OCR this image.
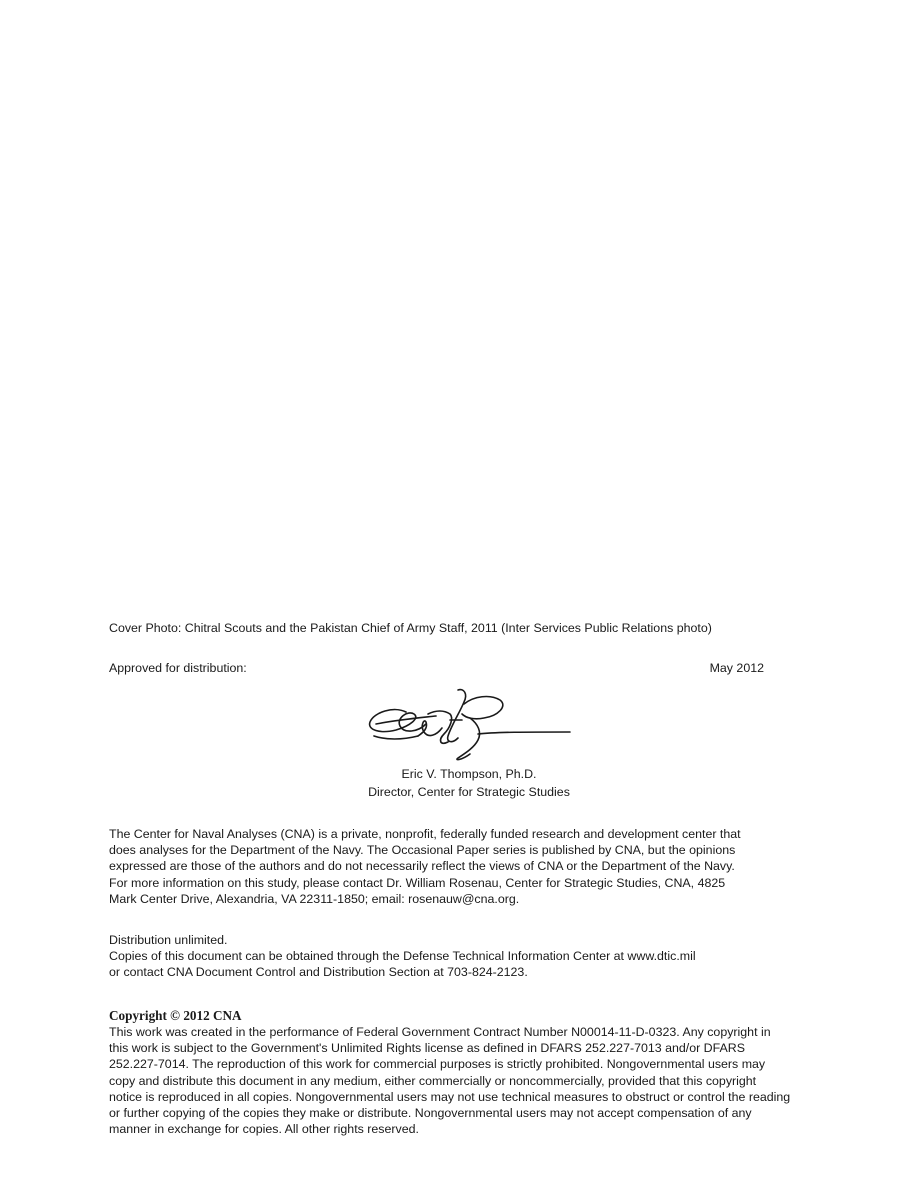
Cover Photo: Chitral Scouts and the Pakistan Chief of Army Staff, 2011 (Inter Services Public Relations photo)
Approved for distribution:	May 2012
Eric V. Thompson, Ph.D.
Director, Center for Strategic Studies
The Center for Naval Analyses (CNA) is a private, nonprofit, federally funded research and development center that
does analyses for the Department of the Navy. The Occasional Paper series is published by CNA, but the opinions
expressed are those of the authors and do not necessarily reflect the views of CNA or the Department of the Navy.
For more information on this study, please contact Dr. William Rosenau, Center for Strategic Studies, CNA, 4825
Mark Center Drive, Alexandria, VA 22311-1850; email: rosenauw@cna.org.
Distribution unlimited.
Copies of this document can be obtained through the Defense Technical Information Center at www.dtic.mil
or contact CNA Document Control and Distribution Section at 703-824-2123.
Copyright © 2012 CNA
This work was created in the performance of Federal Government Contract Number N00014-11-D-0323. Any copyright in
this work is subject to the Government's Unlimited Rights license as defined in DFARS 252.227-7013 and/or DFARS
252.227-7014. The reproduction of this work for commercial purposes is strictly prohibited. Nongovernmental users may
copy and distribute this document in any medium, either commercially or noncommercially, provided that this copyright
notice is reproduced in all copies. Nongovernmental users may not use technical measures to obstruct or control the reading
or further copying of the copies they make or distribute. Nongovernmental users may not accept compensation of any
manner in exchange for copies. All other rights reserved.
